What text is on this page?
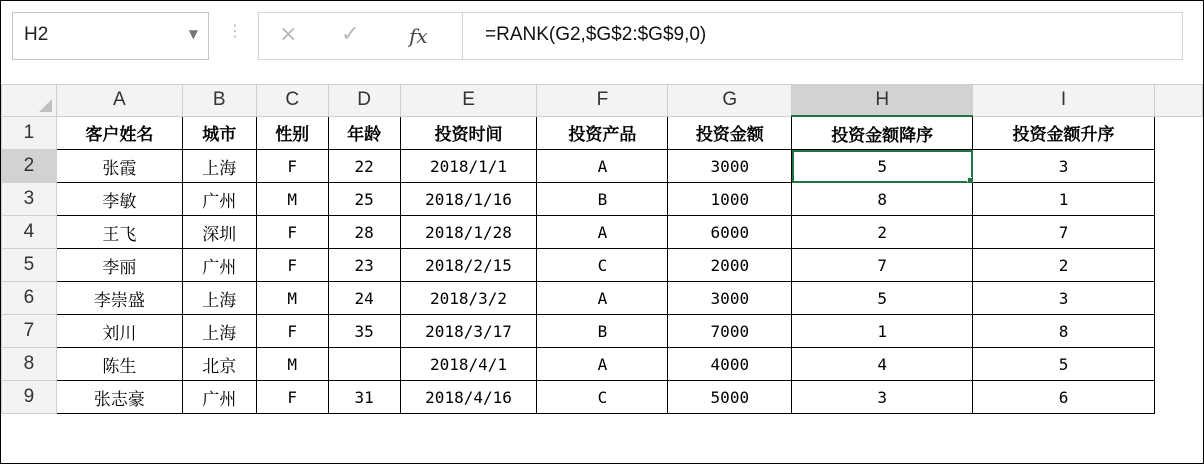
H2	▼ ⋮ × ✓ fx	=RANK(G2,$G$2:$G$9,0)
	A	B	C	D	E	F	G	H	I	
1	客户姓名	城市	性别	年龄	投资时间	投资产品	投资金额	投资金额降序	投资金额升序	
2	张霞	上海	F	22	2018/1/1	A	3000	5	3	
3	李敏	广州	M	25	2018/1/16	B	1000	8	1	
4	王飞	深圳	F	28	2018/1/28	A	6000	2	7	
5	李丽	广州	F	23	2018/2/15	C	2000	7	2	
6	李崇盛	上海	M	24	2018/3/2	A	3000	5	3	
7	刘川	上海	F	35	2018/3/17	B	7000	1	8	
8	陈生	北京	M		2018/4/1	A	4000	4	5	
9	张志豪	广州	F	31	2018/4/16	C	5000	3	6	
